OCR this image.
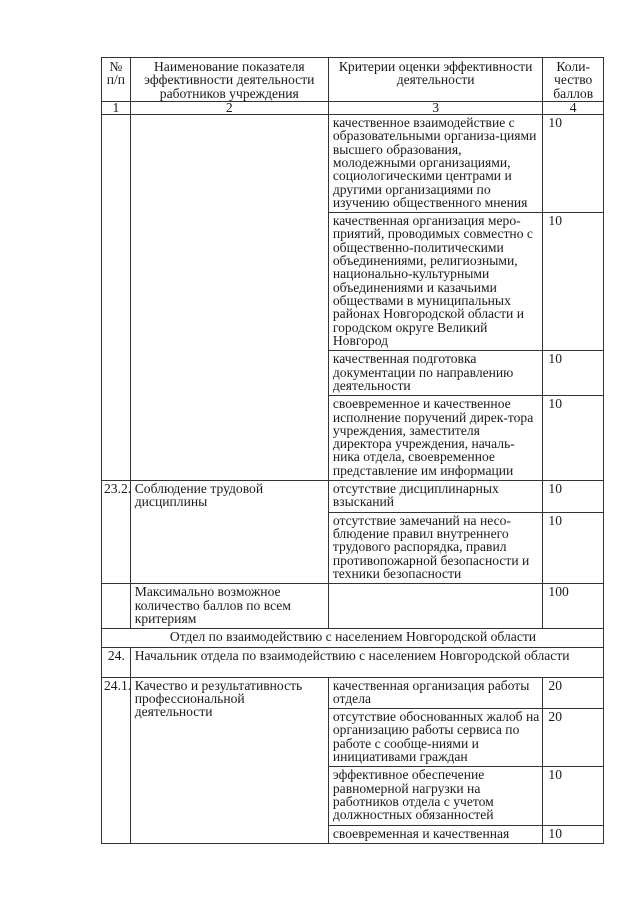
№ п/п	Наименование показателя эффективности деятельности работников учреждения	Критерии оценки эффективности деятельности	Коли-чество баллов
1	2	3	4
		качественное взаимодействие с образовательными организа-циями высшего образования, молодежными организациями, социологическими центрами и другими организациями по изучению общественного мнения	10
		качественная организация меро-приятий, проводимых совместно с общественно-политическими объединениями, религиозными, национально-культурными объединениями и казачьими обществами в муниципальных районах Новгородской области и городском округе Великий Новгород	10
		качественная подготовка документации по направлению деятельности	10
		своевременное и качественное исполнение поручений дирек-тора учреждения, заместителя директора учреждения, началь-ника отдела, своевременное представление им информации	10
23.2.	Соблюдение трудовой дисциплины	отсутствие дисциплинарных взысканий	10
		отсутствие замечаний на несо-блюдение правил внутреннего трудового распорядка, правил противопожарной безопасности и техники безопасности	10
	Максимально возможное количество баллов по всем критериям		100
Отдел по взаимодействию с населением Новгородской области			
24.	Начальник отдела по взаимодействию с населением Новгородской области		
24.1.	Качество и результативность профессиональной деятельности	качественная организация работы отдела	20
		отсутствие обоснованных жалоб на организацию работы сервиса по работе с сообще-ниями и инициативами граждан	20
		эффективное обеспечение равномерной нагрузки на работников отдела с учетом должностных обязанностей	10
		своевременная и качественная	10
